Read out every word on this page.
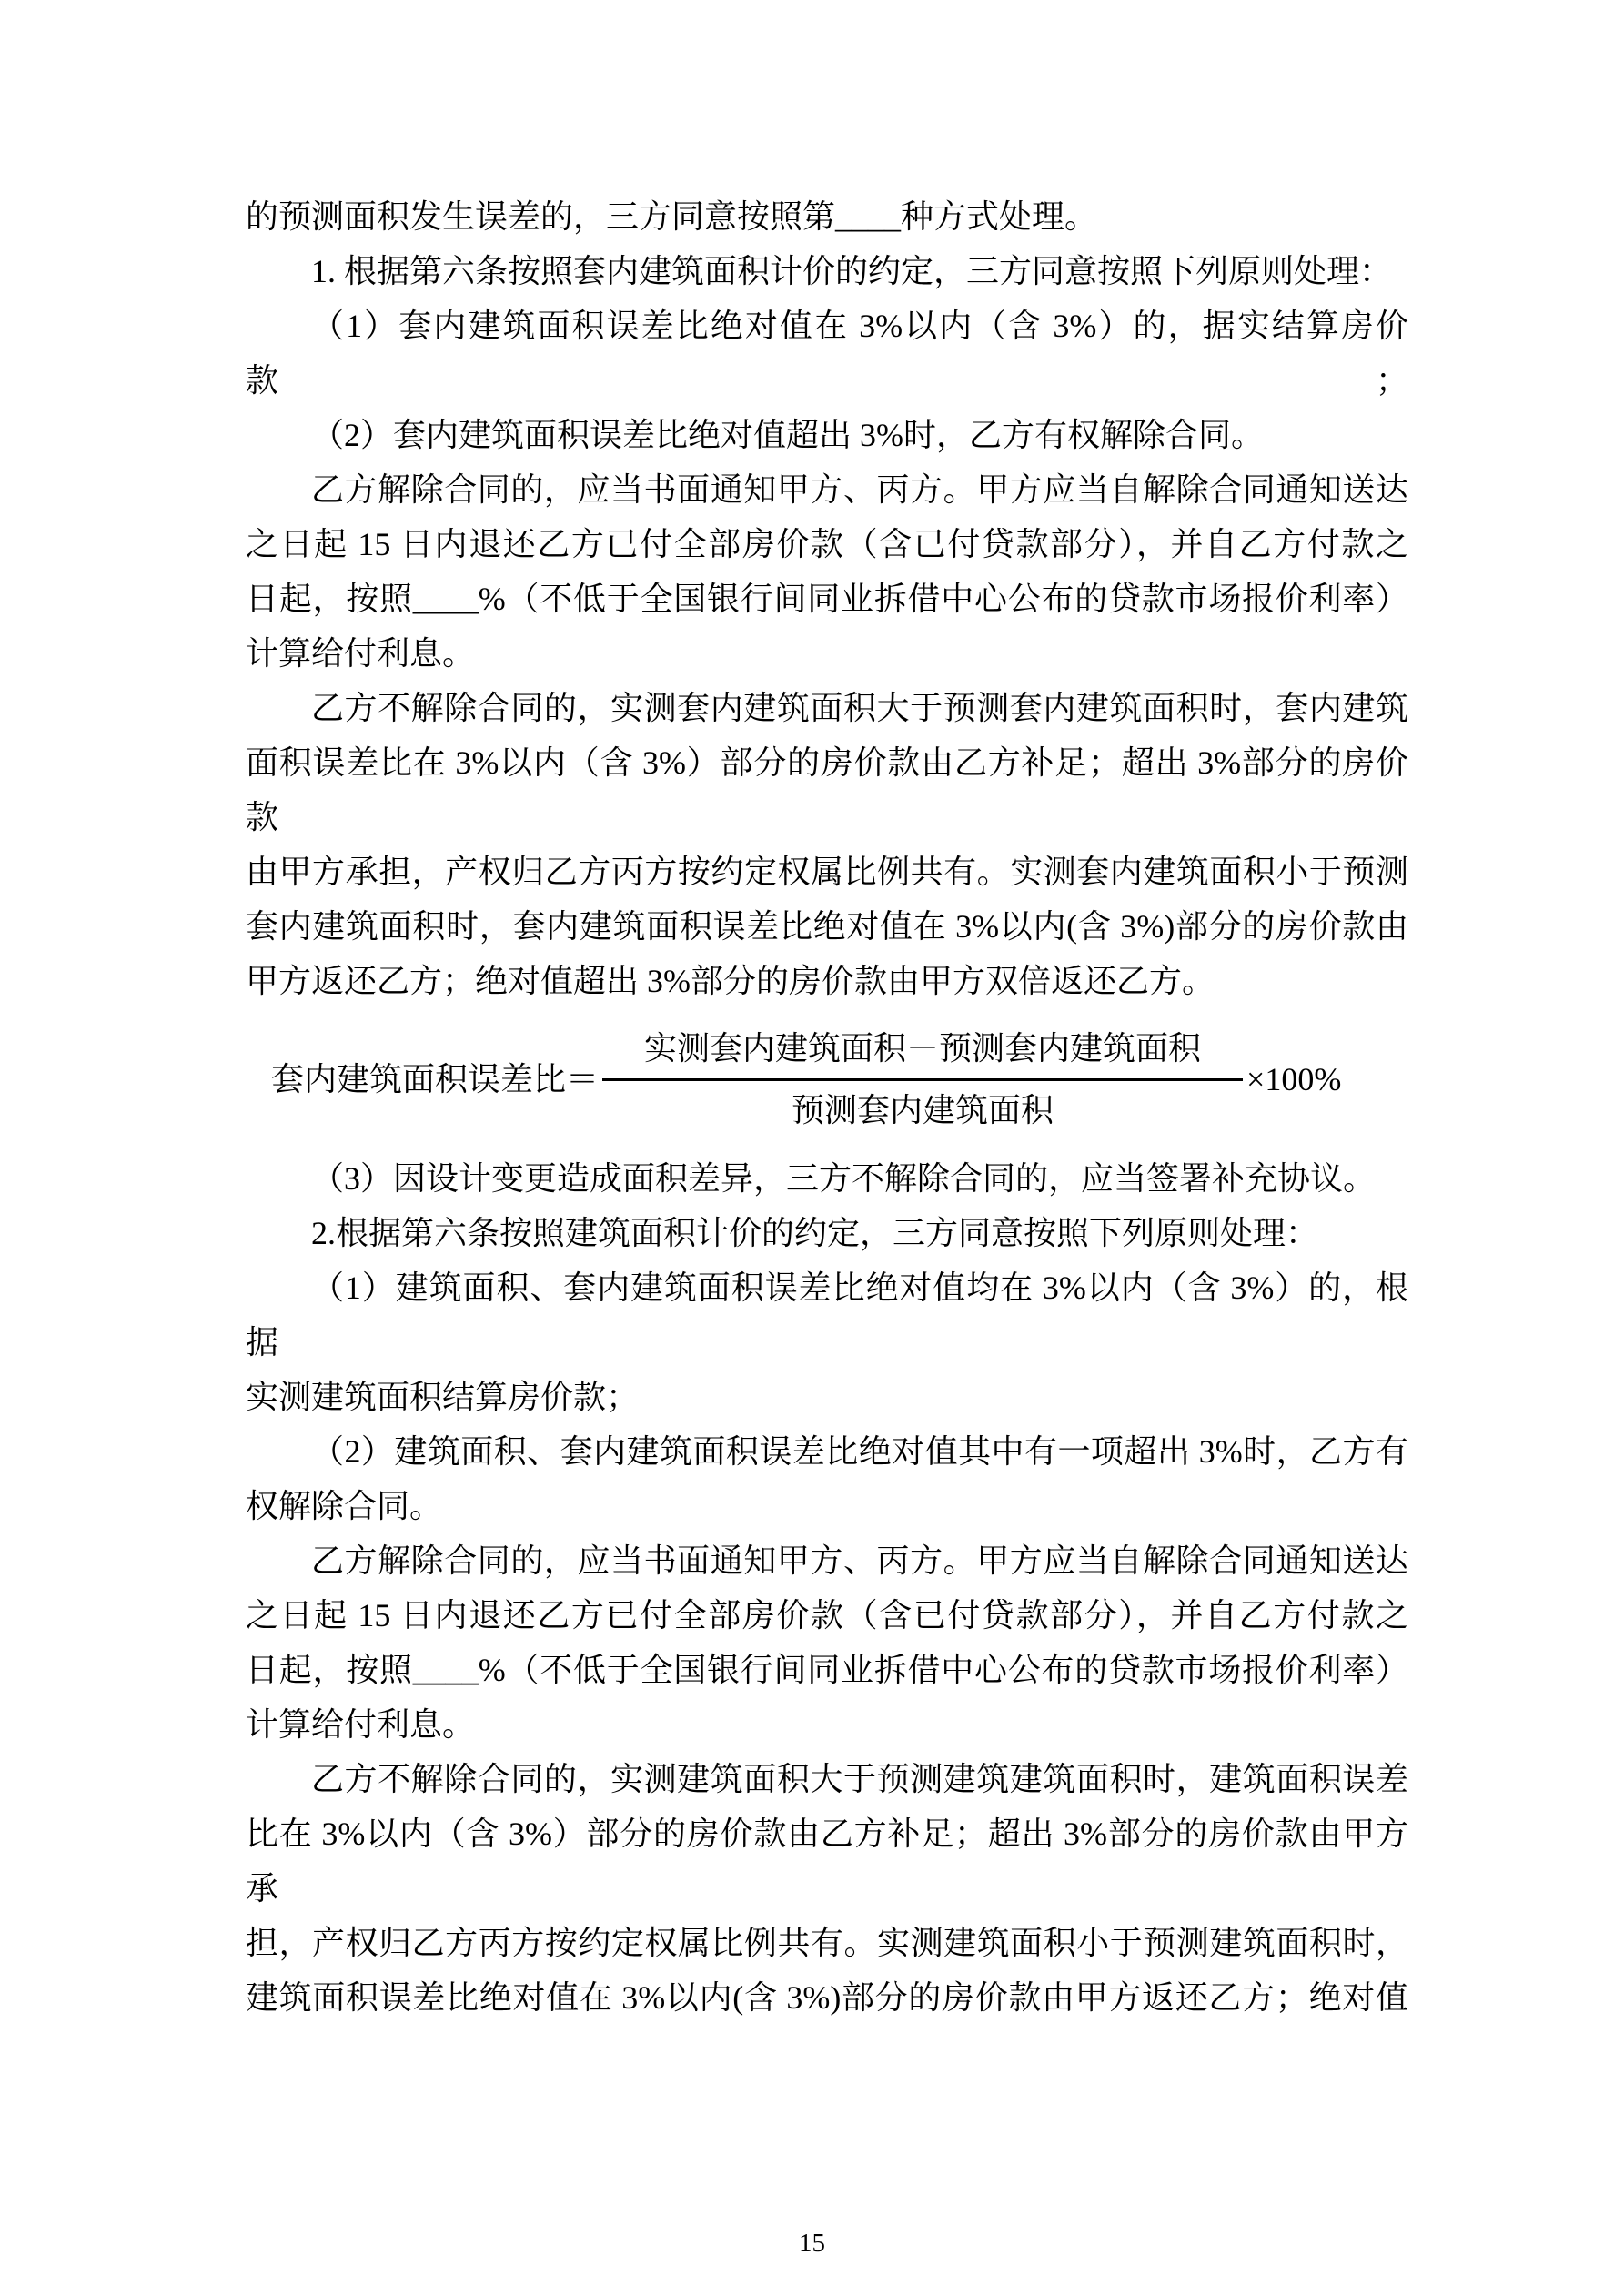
的预测面积发生误差的，三方同意按照第____种方式处理。

1. 根据第六条按照套内建筑面积计价的约定，三方同意按照下列原则处理：

（1）套内建筑面积误差比绝对值在 3%以内（含 3%）的，据实结算房价款；

（2）套内建筑面积误差比绝对值超出 3%时，乙方有权解除合同。

乙方解除合同的，应当书面通知甲方、丙方。甲方应当自解除合同通知送达

之日起 15 日内退还乙方已付全部房价款（含已付贷款部分），并自乙方付款之

日起，按照____%（不低于全国银行间同业拆借中心公布的贷款市场报价利率）

计算给付利息。

乙方不解除合同的，实测套内建筑面积大于预测套内建筑面积时，套内建筑

面积误差比在 3%以内（含 3%）部分的房价款由乙方补足；超出 3%部分的房价款

由甲方承担，产权归乙方丙方按约定权属比例共有。实测套内建筑面积小于预测

套内建筑面积时，套内建筑面积误差比绝对值在 3%以内(含 3%)部分的房价款由

甲方返还乙方；绝对值超出 3%部分的房价款由甲方双倍返还乙方。

套内建筑面积误差比＝ $\frac{\text{实测套内建筑面积－预测套内建筑面积}}{\text{预测套内建筑面积}} \times 100\%$

（3）因设计变更造成面积差异，三方不解除合同的，应当签署补充协议。

2.根据第六条按照建筑面积计价的约定，三方同意按照下列原则处理：

（1）建筑面积、套内建筑面积误差比绝对值均在 3%以内（含 3%）的，根据

实测建筑面积结算房价款；

（2）建筑面积、套内建筑面积误差比绝对值其中有一项超出 3%时，乙方有

权解除合同。

乙方解除合同的，应当书面通知甲方、丙方。甲方应当自解除合同通知送达

之日起 15 日内退还乙方已付全部房价款（含已付贷款部分），并自乙方付款之

日起，按照____%（不低于全国银行间同业拆借中心公布的贷款市场报价利率）

计算给付利息。

乙方不解除合同的，实测建筑面积大于预测建筑建筑面积时，建筑面积误差

比在 3%以内（含 3%）部分的房价款由乙方补足；超出 3%部分的房价款由甲方承

担，产权归乙方丙方按约定权属比例共有。实测建筑面积小于预测建筑面积时，

建筑面积误差比绝对值在 3%以内(含 3%)部分的房价款由甲方返还乙方；绝对值

15
